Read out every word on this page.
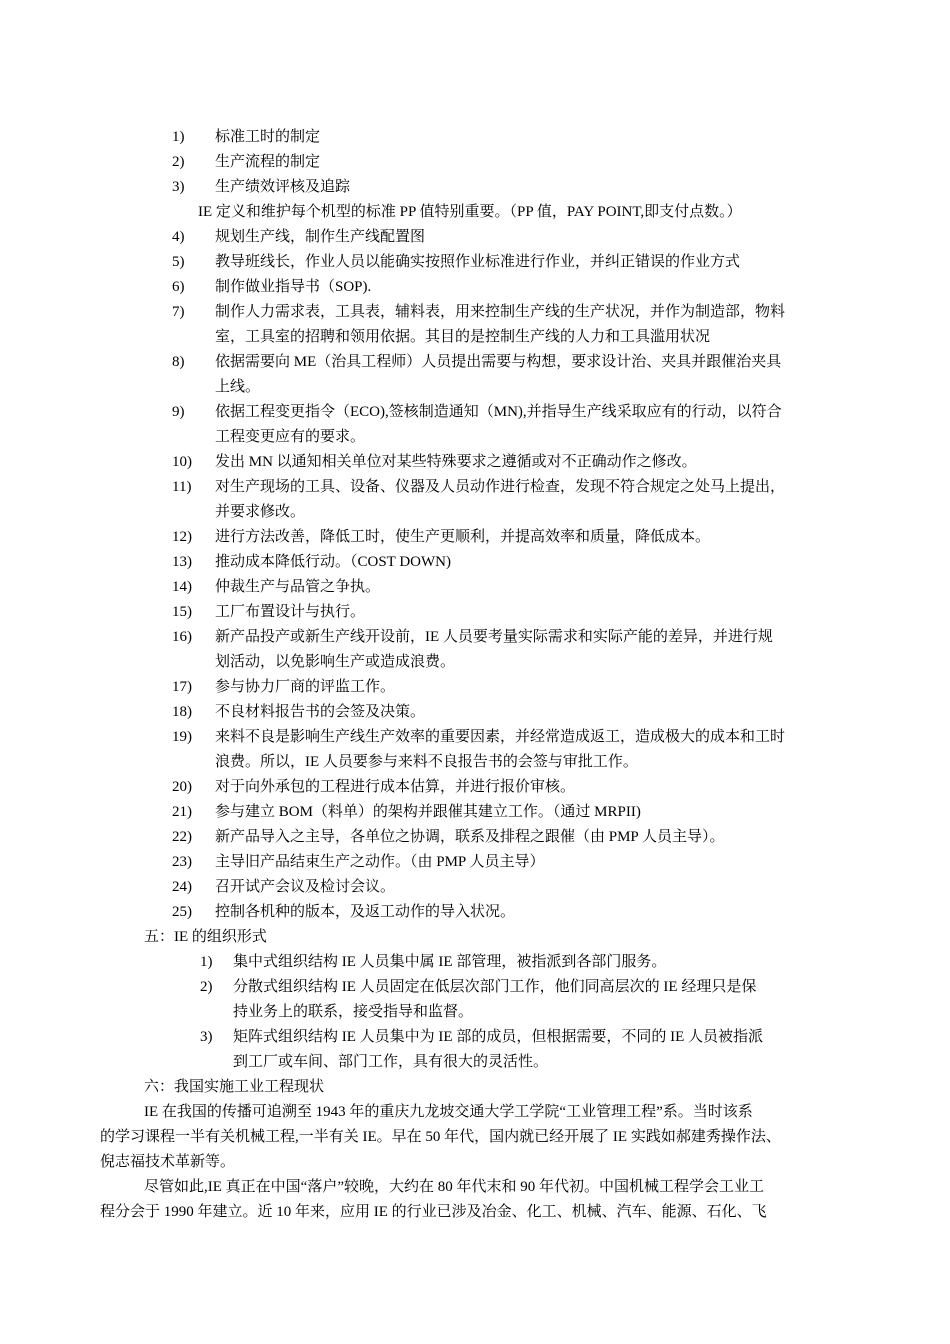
1) 标准工时的制定
2) 生产流程的制定
3) 生产绩效评核及追踪
IE 定义和维护每个机型的标准 PP 值特别重要。（PP 值，PAY POINT,即支付点数。）
4) 规划生产线，制作生产线配置图
5) 教导班线长，作业人员以能确实按照作业标准进行作业，并纠正错误的作业方式
6) 制作做业指导书（SOP).
7) 制作人力需求表，工具表，辅料表，用来控制生产线的生产状况，并作为制造部，物料
室，工具室的招聘和领用依据。其目的是控制生产线的人力和工具滥用状况
8) 依据需要向 ME（治具工程师）人员提出需要与构想，要求设计治、夹具并跟催治夹具
上线。
9) 依据工程变更指令（ECO),签核制造通知（MN),并指导生产线采取应有的行动，以符合
工程变更应有的要求。
10) 发出 MN 以通知相关单位对某些特殊要求之遵循或对不正确动作之修改。
11) 对生产现场的工具、设备、仪器及人员动作进行检查，发现不符合规定之处马上提出，
并要求修改。
12) 进行方法改善，降低工时，使生产更顺利，并提高效率和质量，降低成本。
13) 推动成本降低行动。（COST DOWN)
14) 仲裁生产与品管之争执。
15) 工厂布置设计与执行。
16) 新产品投产或新生产线开设前，IE 人员要考量实际需求和实际产能的差异，并进行规
划活动，以免影响生产或造成浪费。
17) 参与协力厂商的评监工作。
18) 不良材料报告书的会签及决策。
19) 来料不良是影响生产线生产效率的重要因素，并经常造成返工，造成极大的成本和工时
浪费。所以，IE 人员要参与来料不良报告书的会签与审批工作。
20) 对于向外承包的工程进行成本估算，并进行报价审核。
21) 参与建立 BOM（料单）的架构并跟催其建立工作。（通过 MRPII)
22) 新产品导入之主导，各单位之协调，联系及排程之跟催（由 PMP 人员主导）。
23) 主导旧产品结束生产之动作。（由 PMP 人员主导）
24) 召开试产会议及检讨会议。
25) 控制各机种的版本，及返工动作的导入状况。
五：IE 的组织形式
1) 集中式组织结构 IE 人员集中属 IE 部管理，被指派到各部门服务。
2) 分散式组织结构 IE 人员固定在低层次部门工作，他们同高层次的 IE 经理只是保
持业务上的联系，接受指导和监督。
3) 矩阵式组织结构 IE 人员集中为 IE 部的成员，但根据需要，不同的 IE 人员被指派
到工厂或车间、部门工作，具有很大的灵活性。
六：我国实施工业工程现状
IE 在我国的传播可追溯至 1943 年的重庆九龙坡交通大学工学院“工业管理工程”系。当时该系
的学习课程一半有关机械工程,一半有关 IE。早在 50 年代，国内就已经开展了 IE 实践如郝建秀操作法、
倪志福技术革新等。
尽管如此,IE 真正在中国“落户”较晚，大约在 80 年代末和 90 年代初。中国机械工程学会工业工
程分会于 1990 年建立。近 10 年来，应用 IE 的行业已涉及冶金、化工、机械、汽车、能源、石化、飞
